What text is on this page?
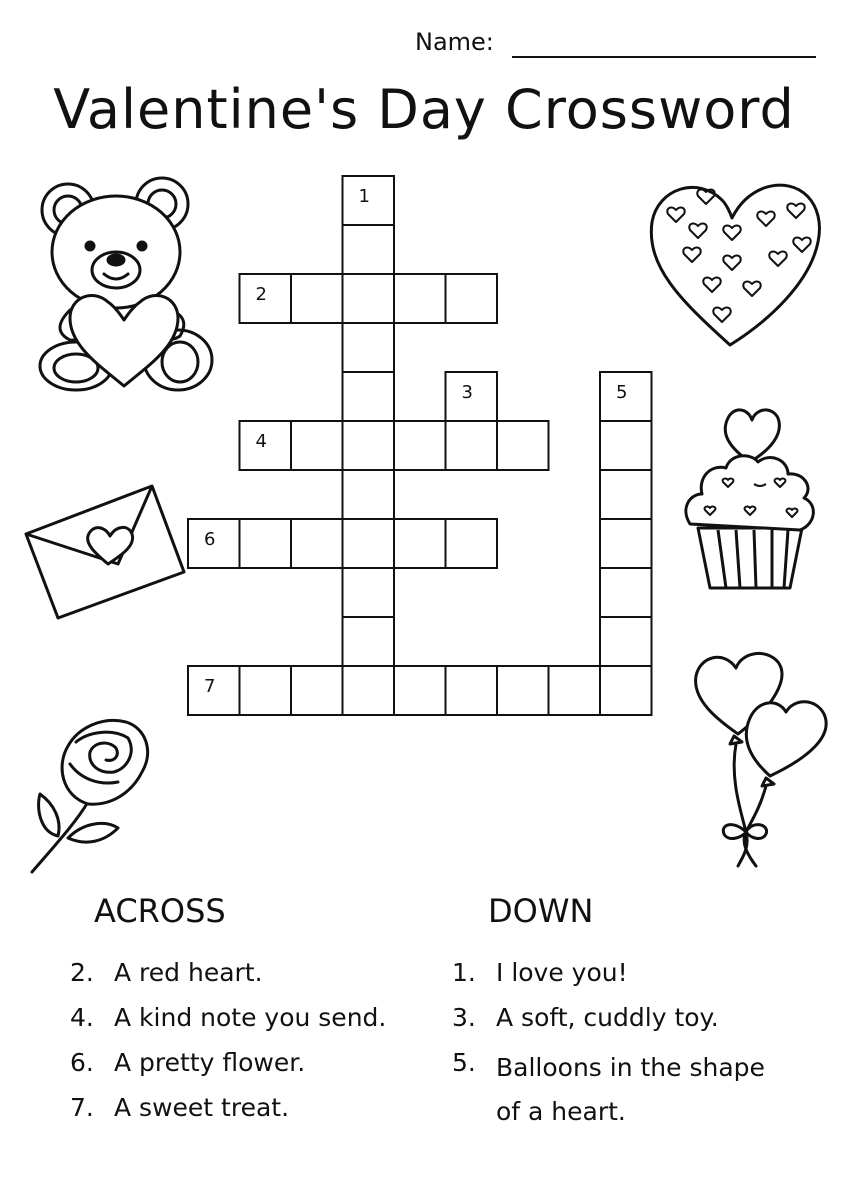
Name:
Valentine's Day Crossword
1
2
3
4
5
6
7
ACROSS	DOWN
2. A red heart.
4. A kind note you send.
6. A pretty flower.
7. A sweet treat.
1. I love you!
3. A soft, cuddly toy.
5. Balloons in the shape of a heart.
